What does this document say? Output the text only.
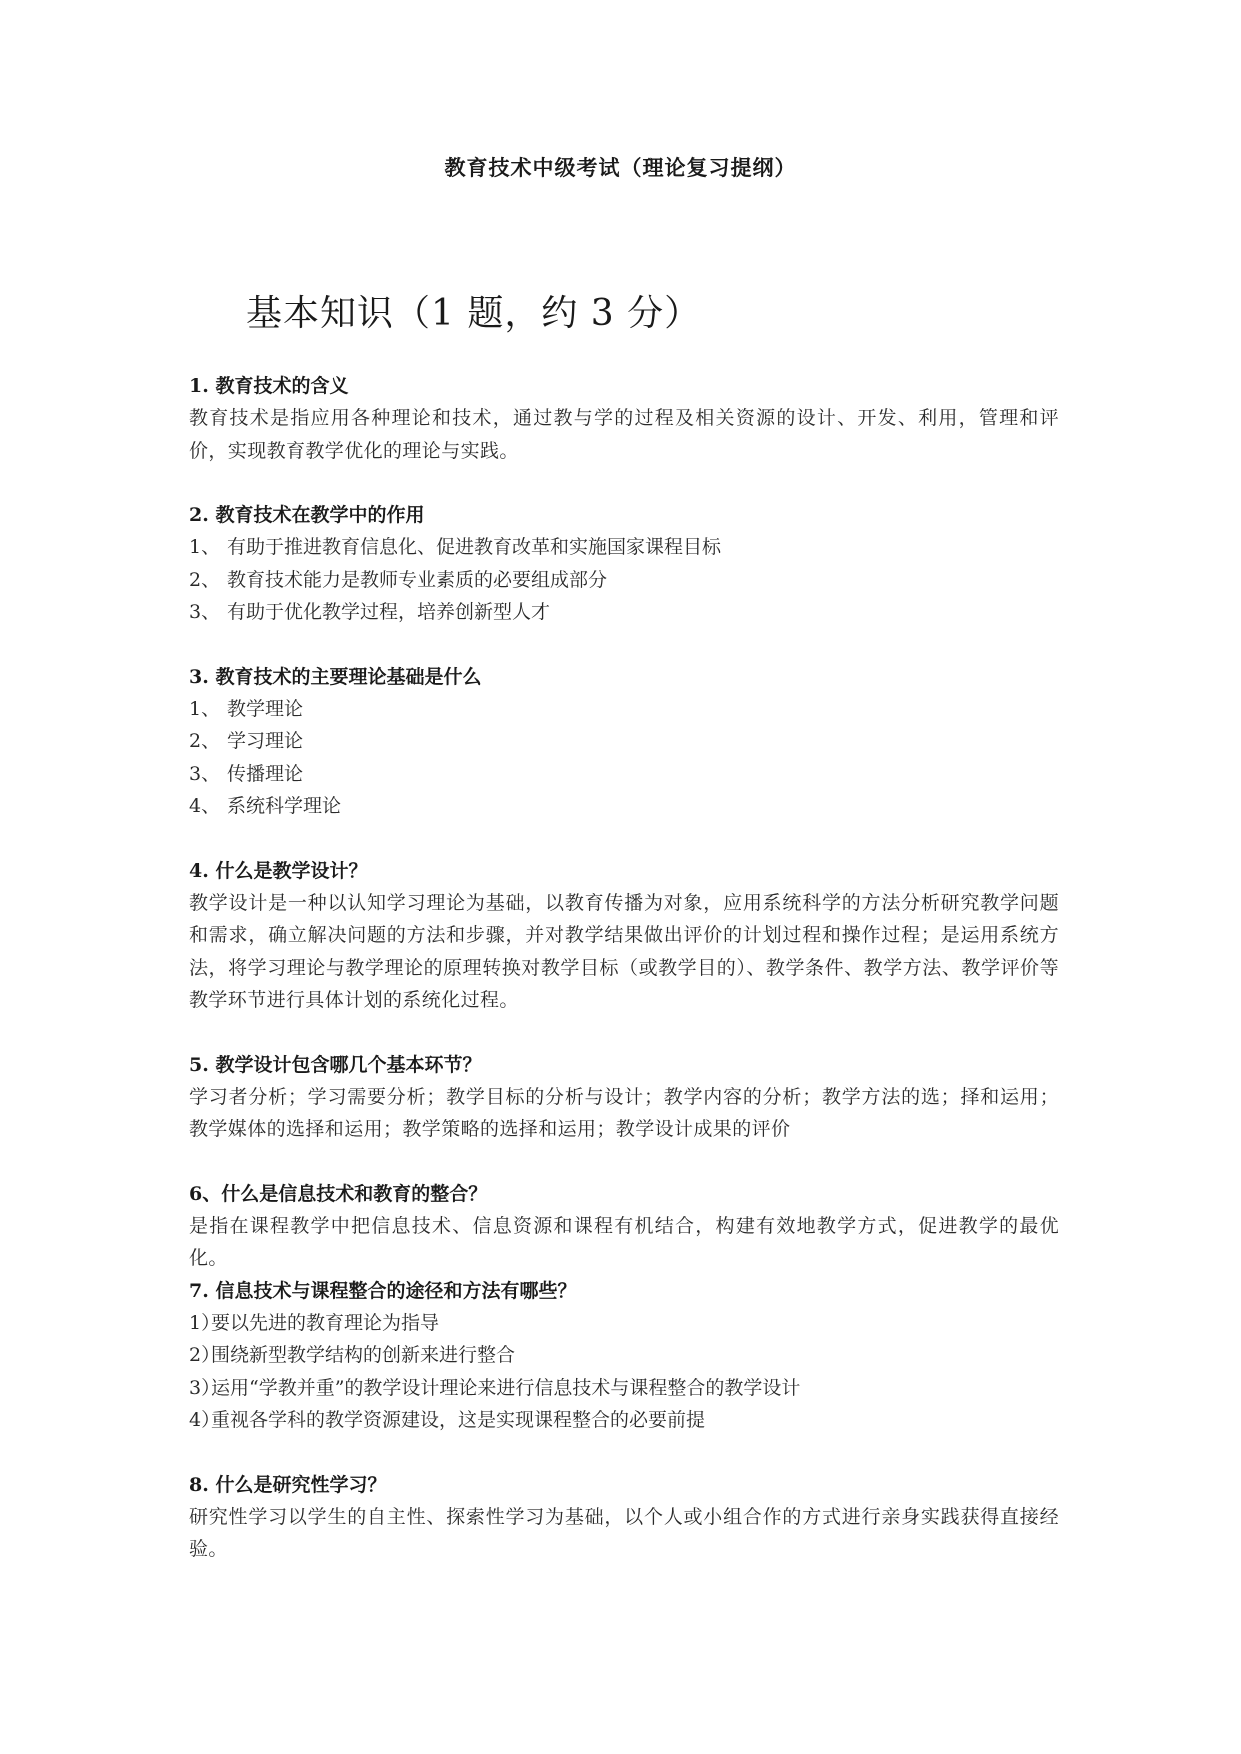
教育技术中级考试（理论复习提纲）
基本知识（1 题，约 3 分）

1. 教育技术的含义

教育技术是指应用各种理论和技术，通过教与学的过程及相关资源的设计、开发、利用，管理和评价，实现教育教学优化的理论与实践。

2. 教育技术在教学中的作用

1、 有助于推进教育信息化、促进教育改革和实施国家课程目标
2、 教育技术能力是教师专业素质的必要组成部分
3、 有助于优化教学过程，培养创新型人才

3. 教育技术的主要理论基础是什么

1、 教学理论
2、 学习理论
3、 传播理论
4、 系统科学理论

4. 什么是教学设计？

教学设计是一种以认知学习理论为基础，以教育传播为对象，应用系统科学的方法分析研究教学问题和需求，确立解决问题的方法和步骤，并对教学结果做出评价的计划过程和操作过程；是运用系统方法，将学习理论与教学理论的原理转换对教学目标（或教学目的）、教学条件、教学方法、教学评价等教学环节进行具体计划的系统化过程。

5. 教学设计包含哪几个基本环节？

学习者分析；学习需要分析；教学目标的分析与设计；教学内容的分析；教学方法的选；择和运用；教学媒体的选择和运用；教学策略的选择和运用；教学设计成果的评价

6、什么是信息技术和教育的整合？

是指在课程教学中把信息技术、信息资源和课程有机结合，构建有效地教学方式，促进教学的最优化。

7. 信息技术与课程整合的途径和方法有哪些？

1）
要以先进的教育理论为指导
2）
围绕新型教学结构的创新来进行整合
3）
运用“学教并重”的教学设计理论来进行信息技术与课程整合的教学设计
4）
重视各学科的教学资源建设，这是实现课程整合的必要前提

8. 什么是研究性学习？

研究性学习以学生的自主性、探索性学习为基础，以个人或小组合作的方式进行亲身实践获得直接经验。
